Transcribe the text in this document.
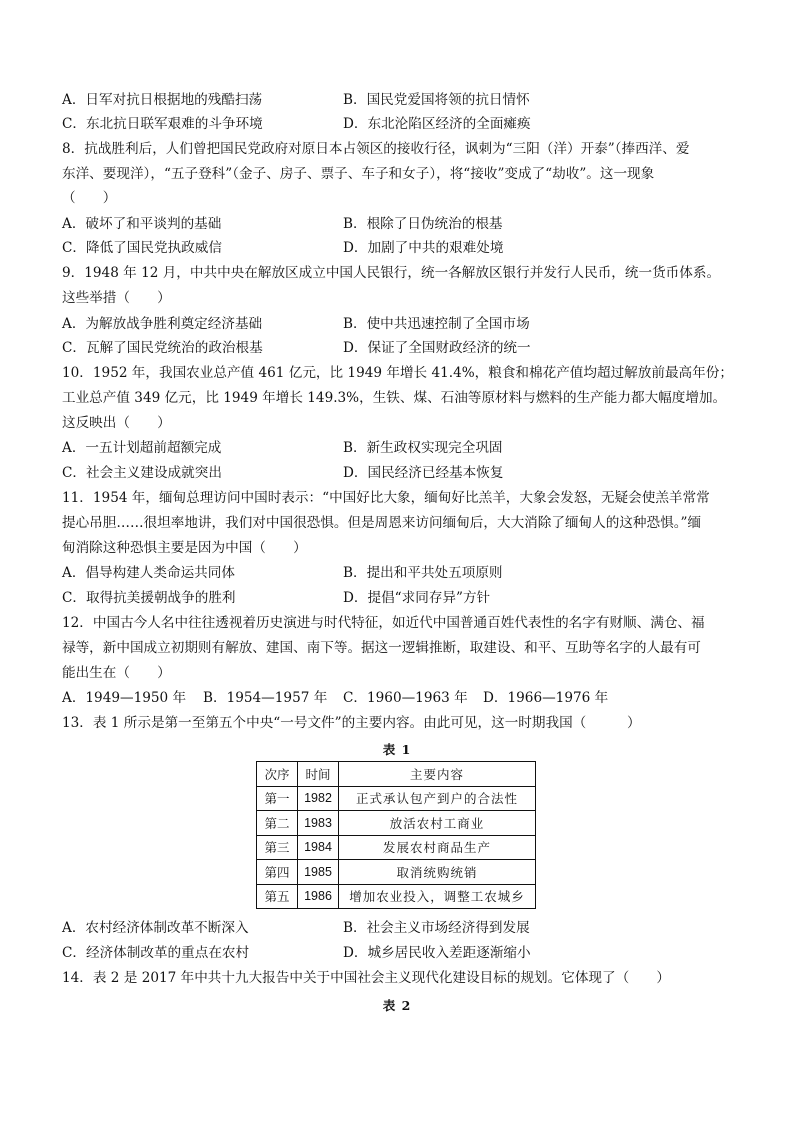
A．日军对抗日根据地的残酷扫荡	B．国民党爱国将领的抗日情怀
C．东北抗日联军艰难的斗争环境	D．东北沦陷区经济的全面瘫痪
8．抗战胜利后，人们曾把国民党政府对原日本占领区的接收行径，讽刺为“三阳（洋）开泰”（捧西洋、爱
东洋、要现洋），“五子登科”（金子、房子、票子、车子和女子），将“接收”变成了“劫收”。这一现象
（　　）
A．破坏了和平谈判的基础	B．根除了日伪统治的根基
C．降低了国民党执政威信	D．加剧了中共的艰难处境
9．1948 年 12 月，中共中央在解放区成立中国人民银行，统一各解放区银行并发行人民币，统一货币体系。
这些举措（　　）
A．为解放战争胜利奠定经济基础	B．使中共迅速控制了全国市场
C．瓦解了国民党统治的政治根基	D．保证了全国财政经济的统一
10．1952 年，我国农业总产值 461 亿元，比 1949 年增长 41.4%，粮食和棉花产值均超过解放前最高年份；
工业总产值 349 亿元，比 1949 年增长 149.3%，生铁、煤、石油等原材料与燃料的生产能力都大幅度增加。
这反映出（　　）
A．一五计划超前超额完成	B．新生政权实现完全巩固
C．社会主义建设成就突出	D．国民经济已经基本恢复
11．1954 年，缅甸总理访问中国时表示：“中国好比大象，缅甸好比羔羊，大象会发怒，无疑会使羔羊常常
提心吊胆……很坦率地讲，我们对中国很恐惧。但是周恩来访问缅甸后，大大消除了缅甸人的这种恐惧。”缅
甸消除这种恐惧主要是因为中国（　　）
A．倡导构建人类命运共同体	B．提出和平共处五项原则
C．取得抗美援朝战争的胜利	D．提倡“求同存异”方针
12．中国古今人名中往往透视着历史演进与时代特征，如近代中国普通百姓代表性的名字有财顺、满仓、福
禄等，新中国成立初期则有解放、建国、南下等。据这一逻辑推断，取建设、和平、互助等名字的人最有可
能出生在（　　）
A．1949—1950 年 B．1954—1957 年 C．1960—1963 年 D．1966—1976 年
13．表 1 所示是第一至第五个中央“一号文件”的主要内容。由此可见，这一时期我国（　　　）
表 1
次序	时间	主要内容
第一	1982	正式承认包产到户的合法性
第二	1983	放活农村工商业
第三	1984	发展农村商品生产
第四	1985	取消统购统销
第五	1986	增加农业投入，调整工农城乡
A．农村经济体制改革不断深入	B．社会主义市场经济得到发展
C．经济体制改革的重点在农村	D．城乡居民收入差距逐渐缩小
14．表 2 是 2017 年中共十九大报告中关于中国社会主义现代化建设目标的规划。它体现了（　　）
表 2
